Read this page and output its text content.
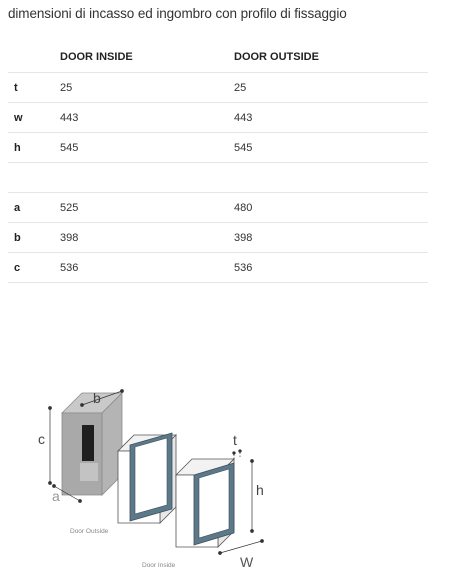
dimensioni di incasso ed ingombro con profilo di fissaggio
DOOR INSIDE	DOOR OUTSIDE
t	25	25
w	443	443
h	545	545
a	525	480
b	398	398
c	536	536
b
c
a
Door Outside
Door Inside
t
h
W
